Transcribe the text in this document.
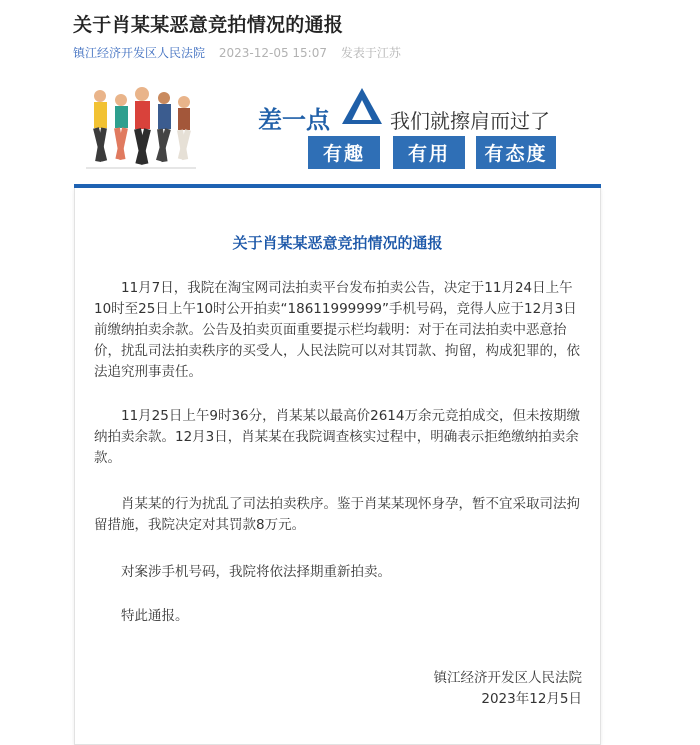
关于肖某某恶意竞拍情况的通报
镇江经济开发区人民法院 2023-12-05 15:07 发表于江苏
差一点	我们就擦肩而过了
有趣	有用	有态度
关于肖某某恶意竞拍情况的通报

11月7日，我院在淘宝网司法拍卖平台发布拍卖公告，决定于11月24日上午10时至25日上午10时公开拍卖“18611999999”手机号码，竞得人应于12月3日前缴纳拍卖余款。公告及拍卖页面重要提示栏均载明：对于在司法拍卖中恶意抬价，扰乱司法拍卖秩序的买受人，人民法院可以对其罚款、拘留，构成犯罪的，依法追究刑事责任。

11月25日上午9时36分，肖某某以最高价2614万余元竞拍成交，但未按期缴纳拍卖余款。12月3日，肖某某在我院调查核实过程中，明确表示拒绝缴纳拍卖余款。

肖某某的行为扰乱了司法拍卖秩序。鉴于肖某某现怀身孕，暂不宜采取司法拘留措施，我院决定对其罚款8万元。

对案涉手机号码，我院将依法择期重新拍卖。

特此通报。

镇江经济开发区人民法院
2023年12月5日
